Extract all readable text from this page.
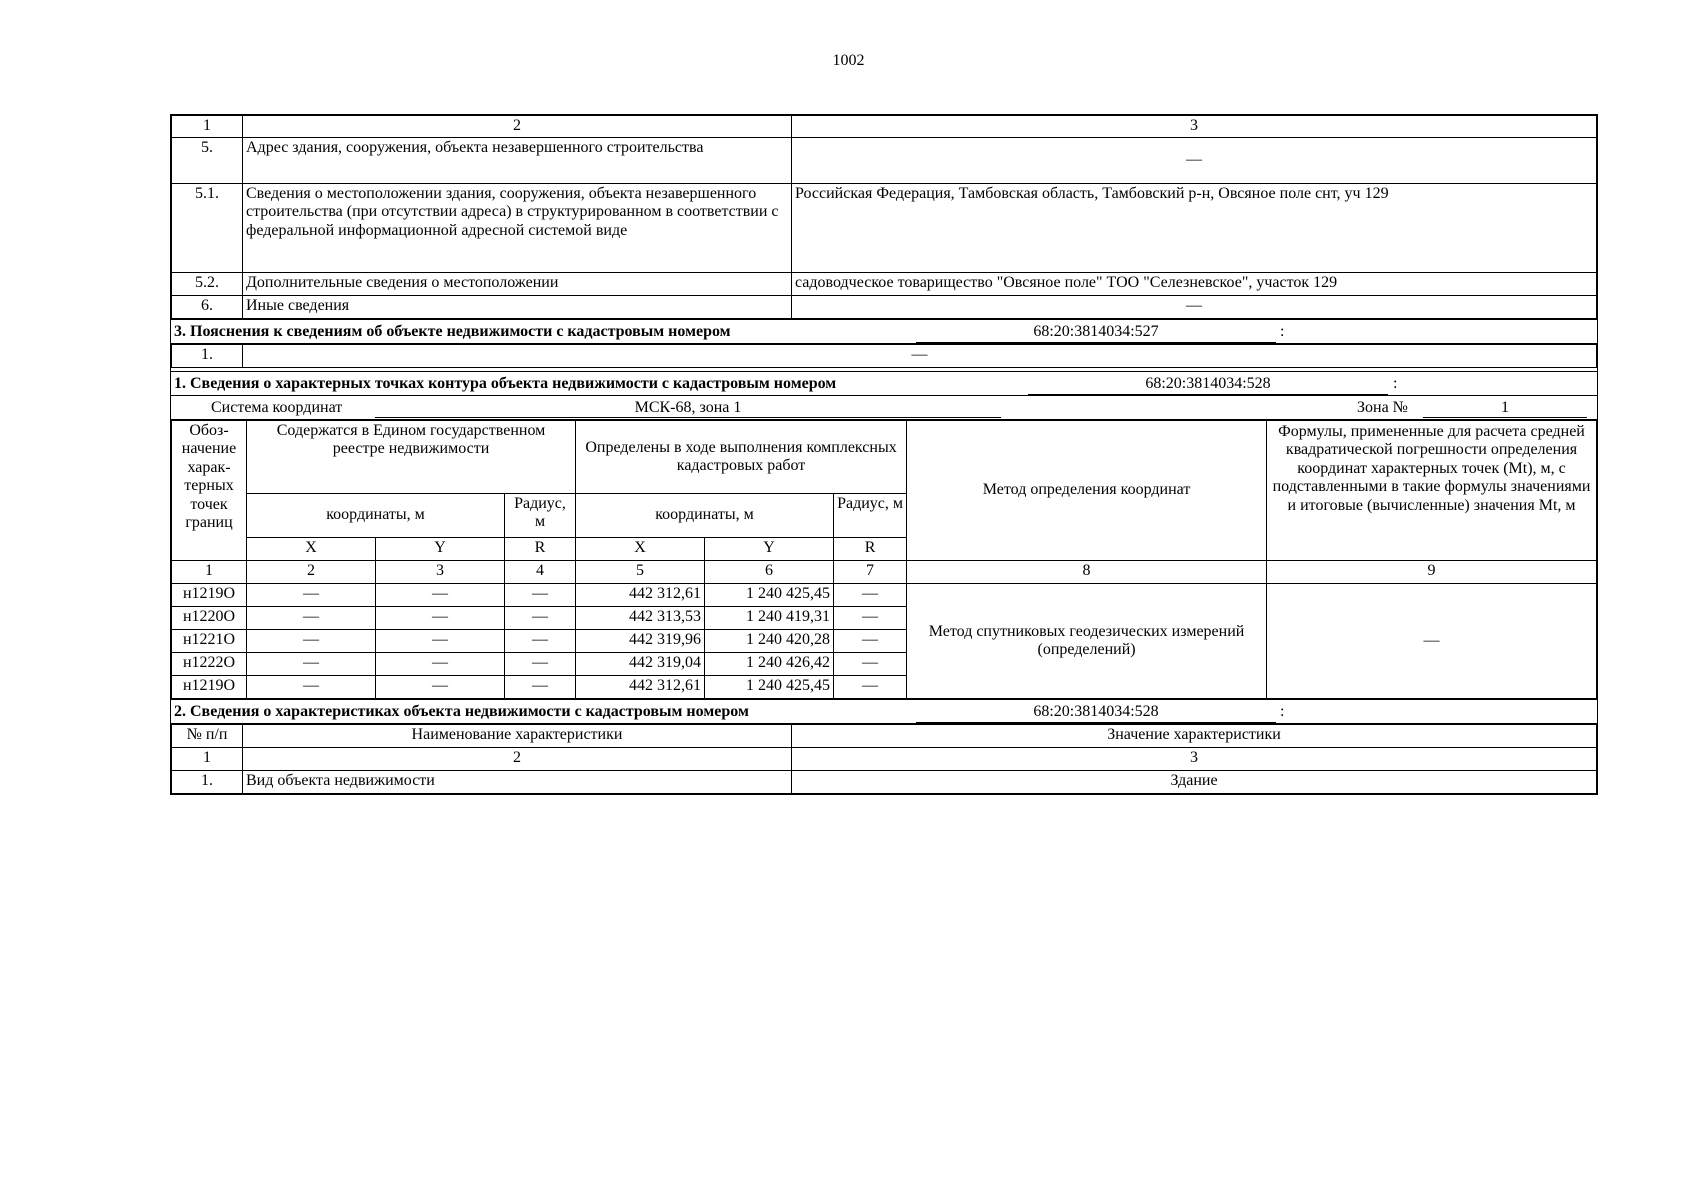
1002
1	2	3
5.	Адрес здания, сооружения, объекта незавершенного строительства	—
5.1.	Сведения о местоположении здания, сооружения, объекта незавершенного строительства (при отсутствии адреса) в структурированном в соответствии с федеральной информационной адресной системой виде	Российская Федерация, Тамбовская область, Тамбовский р-н, Овсяное поле снт, уч 129
5.2.	Дополнительные сведения о местоположении	садоводческое товарищество "Овсяное поле" ТОО "Селезневское", участок 129
6.	Иные сведения	—
3. Пояснения к сведениям об объекте недвижимости с кадастровым номером	68:20:3814034:527	:
1.	—
1. Сведения о характерных точках контура объекта недвижимости с кадастровым номером	68:20:3814034:528	:
Система координат	МСК-68, зона 1	Зона №	1
Обоз-начение харак-терных точек границ	Содержатся в Едином государственном реестре недвижимости			Определены в ходе выполнения комплексных кадастровых работ			Метод определения координат	Формулы, примененные для расчета средней квадратической погрешности определения координат характерных точек (Mt), м, с подставленными в такие формулы значениями и итоговые (вычисленные) значения Mt, м
	координаты, м		Радиус, м	координаты, м		Радиус, м		
	X	Y	R	X	Y	R		
1	2	3	4	5	6	7	8	9
н1219О	—	—	—	442 312,61	1 240 425,45	—	Метод спутниковых геодезических измерений (определений)	—
н1220О	—	—	—	442 313,53	1 240 419,31	—		
н1221О	—	—	—	442 319,96	1 240 420,28	—		
н1222О	—	—	—	442 319,04	1 240 426,42	—		
н1219О	—	—	—	442 312,61	1 240 425,45	—		
2. Сведения о характеристиках объекта недвижимости с кадастровым номером	68:20:3814034:528	:
№ п/п	Наименование характеристики	Значение характеристики
1	2	3
1.	Вид объекта недвижимости	Здание
